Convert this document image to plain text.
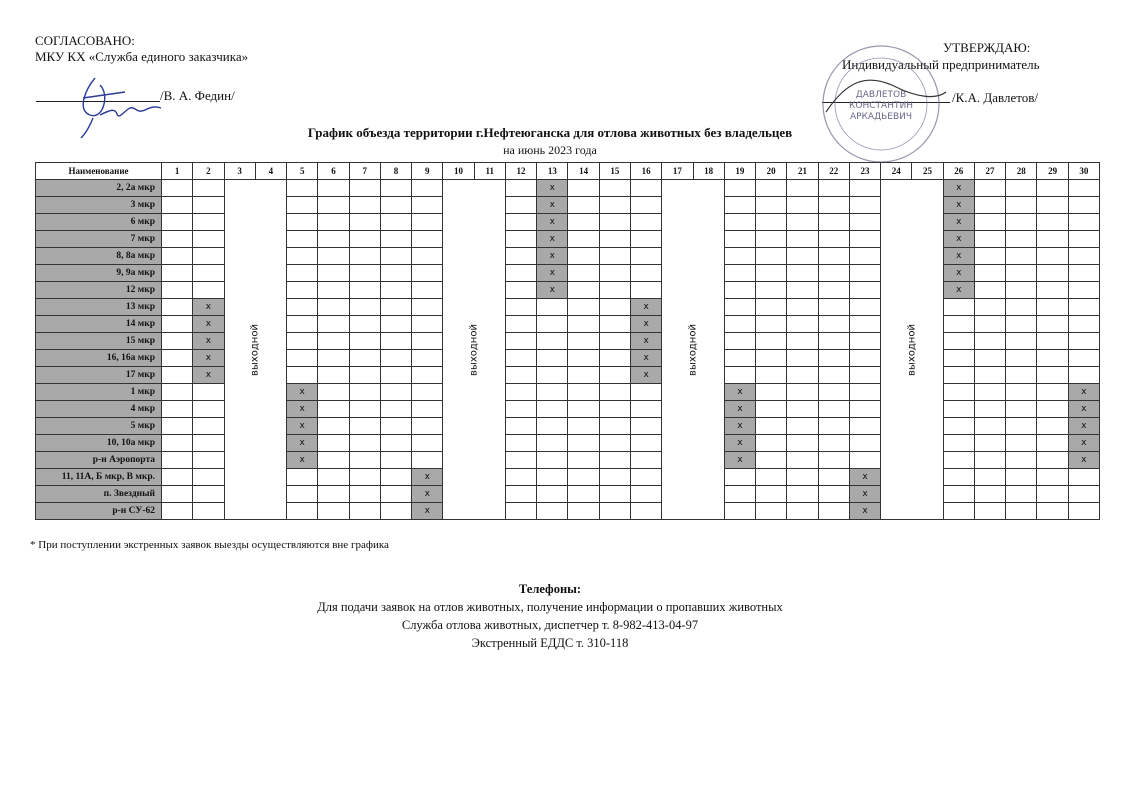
СОГЛАСОВАНО:
МКУ КХ «Служба единого заказчика»
/В. А. Федин/
УТВЕРЖДАЮ:
Индивидуальный предприниматель
/К.А. Давлетов/
ДАВЛЕТОВ
КОНСТАНТИН
АРКАДЬЕВИЧ
График объезда территории г.Нефтеюганска для отлова животных без владельцев
на июнь 2023 года
Наименование	1	2	3	4	5	6	7	8	9	10	11	12	13	14	15	16	17	18	19	20	21	22	23	24	25	26	27	28	29	30
2, 2а мкр			выходной							выходной			х				выходной							выходной		х				
3 мкр													х													х				
6 мкр													х													х				
7 мкр													х													х				
8, 8а мкр													х													х				
9, 9а мкр													х													х				
12 мкр													х													х				
13 мкр		х														х														
14 мкр		х														х														
15 мкр		х														х														
16, 16а мкр		х														х														
17 мкр		х														х														
1 мкр					х														х											х
4 мкр					х														х											х
5 мкр					х														х											х
10, 10а мкр					х														х											х
р-н Аэропорта					х														х											х
11, 11А, Б мкр, В мкр.									х														х							
п. Звездный									х														х							
р-н СУ-62									х														х							
* При поступлении экстренных заявок выезды осуществляются вне графика
Телефоны:
Для подачи заявок на отлов животных, получение информации о пропавших животных
Служба отлова животных, диспетчер т. 8-982-413-04-97
Экстренный ЕДДС т. 310-118
